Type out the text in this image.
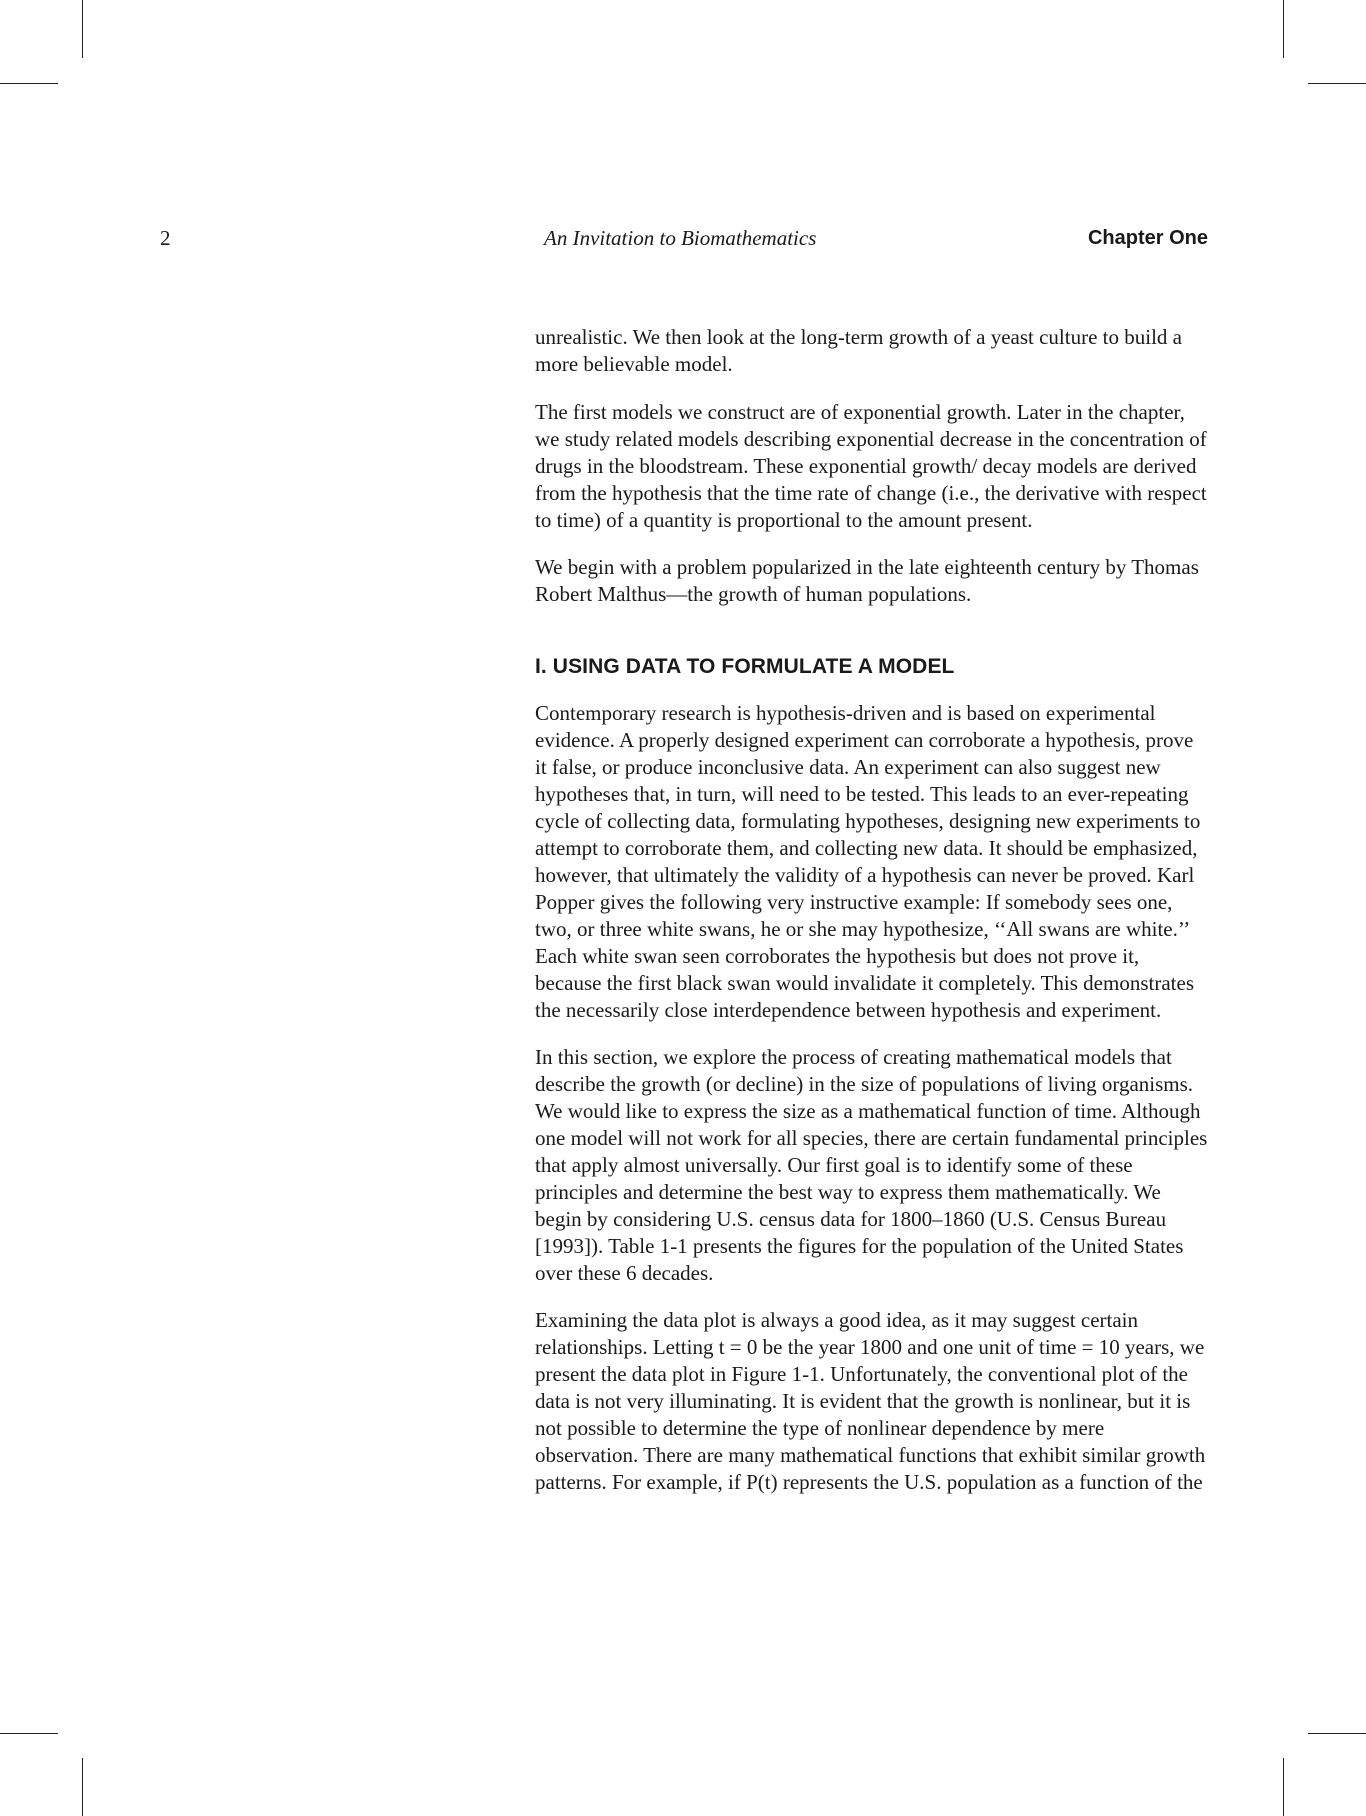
2	An Invitation to Biomathematics	Chapter One

unrealistic. We then look at the long-term growth of a yeast culture to build a more believable model.

The first models we construct are of exponential growth. Later in the chapter, we study related models describing exponential decrease in the concentration of drugs in the bloodstream. These exponential growth/ decay models are derived from the hypothesis that the time rate of change (i.e., the derivative with respect to time) of a quantity is proportional to the amount present.

We begin with a problem popularized in the late eighteenth century by Thomas Robert Malthus—the growth of human populations.

I. USING DATA TO FORMULATE A MODEL

Contemporary research is hypothesis-driven and is based on experimental evidence. A properly designed experiment can corroborate a hypothesis, prove it false, or produce inconclusive data. An experiment can also suggest new hypotheses that, in turn, will need to be tested. This leads to an ever-repeating cycle of collecting data, formulating hypotheses, designing new experiments to attempt to corroborate them, and collecting new data. It should be emphasized, however, that ultimately the validity of a hypothesis can never be proved. Karl Popper gives the following very instructive example: If somebody sees one, two, or three white swans, he or she may hypothesize, ‘‘All swans are white.’’ Each white swan seen corroborates the hypothesis but does not prove it, because the first black swan would invalidate it completely. This demonstrates the necessarily close interdependence between hypothesis and experiment.

In this section, we explore the process of creating mathematical models that describe the growth (or decline) in the size of populations of living organisms. We would like to express the size as a mathematical function of time. Although one model will not work for all species, there are certain fundamental principles that apply almost universally. Our first goal is to identify some of these principles and determine the best way to express them mathematically. We begin by considering U.S. census data for 1800–1860 (U.S. Census Bureau [1993]). Table 1-1 presents the figures for the population of the United States over these 6 decades.

Examining the data plot is always a good idea, as it may suggest certain relationships. Letting t = 0 be the year 1800 and one unit of time = 10 years, we present the data plot in Figure 1-1. Unfortunately, the conventional plot of the data is not very illuminating. It is evident that the growth is nonlinear, but it is not possible to determine the type of nonlinear dependence by mere observation. There are many mathematical functions that exhibit similar growth patterns. For example, if P(t) represents the U.S. population as a function of the
